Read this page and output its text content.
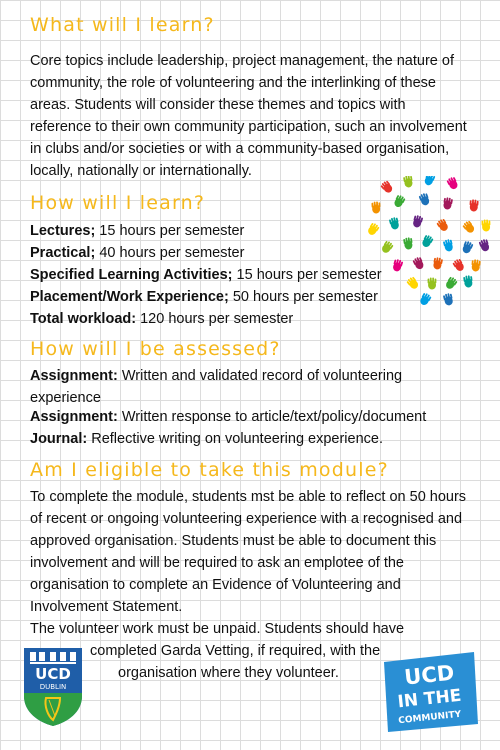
What will I learn?

Core topics include leadership, project management, the nature of community, the role of volunteering and the interlinking of these areas. Students will consider these themes and topics with reference to their own community participation, such an involvement in clubs and/or societies or with a community-based organisation, locally, nationally or internationally.

How will I learn?

Lectures; 15 hours per semester

Practical; 40 hours per semester

Specified Learning Activities; 15 hours per semester

Placement/Work Experience; 50 hours per semester

Total workload: 120 hours per semester

How will I be assessed?

Assignment: Written and validated record of volunteering experience

Assignment: Written response to article/text/policy/document

Journal: Reflective writing on volunteering experience.

Am I eligible to take this module?

To complete the module, students mst be able to reflect on 50 hours of recent or ongoing volunteering experience with a recognised and approved organisation. Students must be able to document this involvement and will be required to ask an emplotee of the organisation to complete an Evidence of Volunteering and Involvement Statement.

The volunteer work must be unpaid. Students should have

completed Garda Vetting, if required, with the

organisation where they volunteer.

UCD
DUBLIN	UCD
IN THE
COMMUNITY
